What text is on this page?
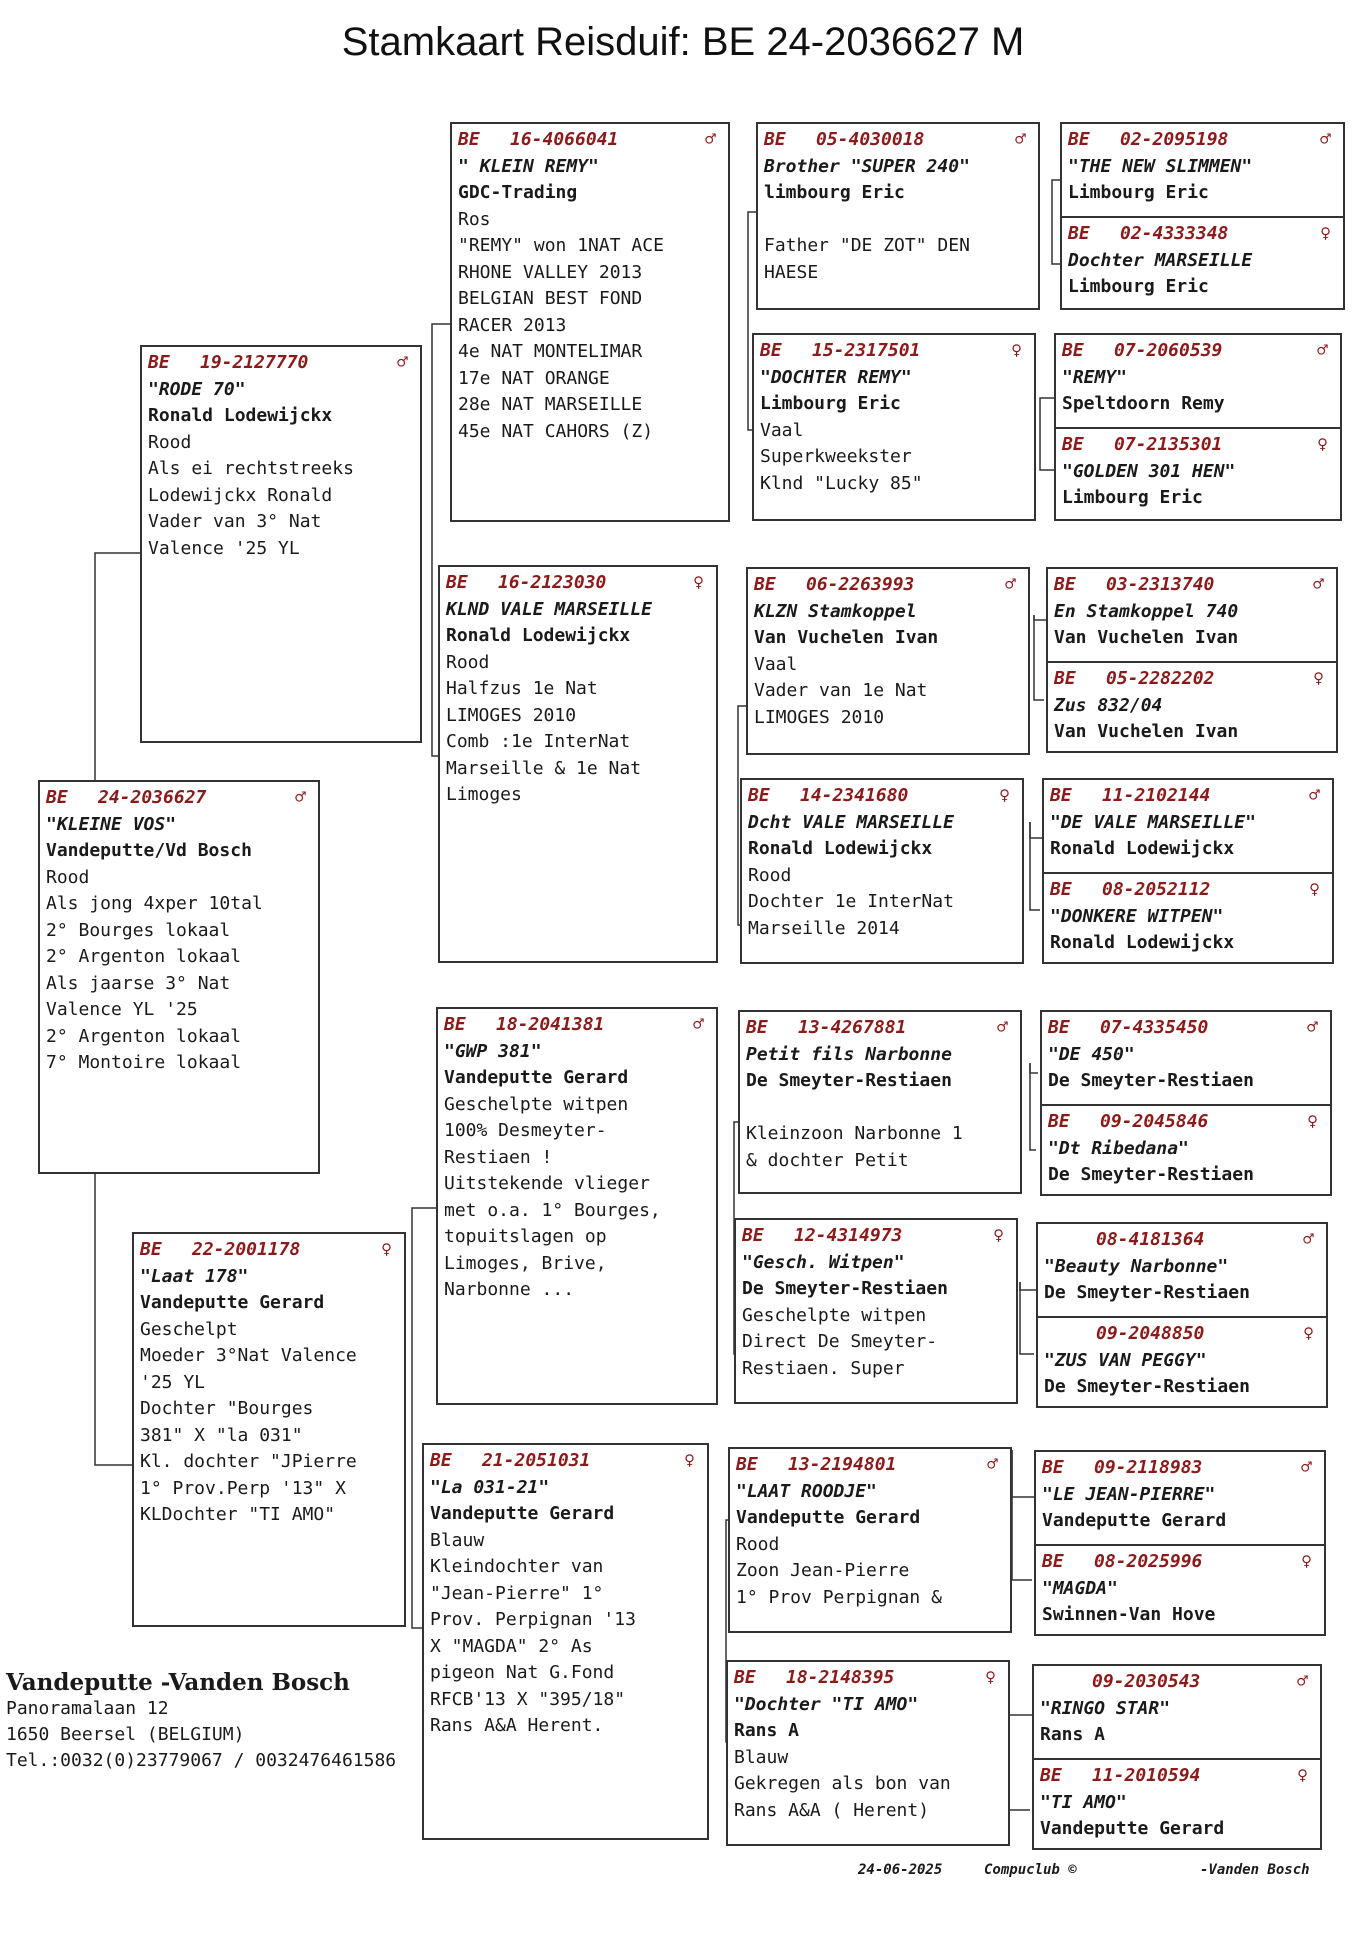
Stamkaart Reisduif: BE 24-2036627 M
BE 24-2036627	♂
"KLEINE VOS"
Vandeputte/Vd Bosch
Rood
Als jong 4xper 10tal
2° Bourges lokaal
2° Argenton lokaal
Als jaarse 3° Nat
Valence YL '25
2° Argenton lokaal
7° Montoire lokaal
BE 19-2127770	♂
"RODE 70"
Ronald Lodewijckx
Rood
Als ei rechtstreeks
Lodewijckx Ronald
Vader van 3° Nat
Valence '25 YL
BE 22-2001178	♀
"Laat 178"
Vandeputte Gerard
Geschelpt
Moeder 3°Nat Valence
'25 YL
Dochter "Bourges
381" X "la 031"
Kl. dochter "JPierre
1° Prov.Perp '13" X
KLDochter "TI AMO"
BE 16-4066041	♂
" KLEIN REMY"
GDC-Trading
Ros
"REMY" won 1NAT ACE
RHONE VALLEY 2013
BELGIAN BEST FOND
RACER 2013
4e NAT MONTELIMAR
17e NAT ORANGE
28e NAT MARSEILLE
45e NAT CAHORS (Z)
BE 16-2123030	♀
KLND VALE MARSEILLE
Ronald Lodewijckx
Rood
Halfzus 1e Nat
LIMOGES 2010
Comb :1e InterNat
Marseille & 1e Nat
Limoges
BE 18-2041381	♂
"GWP 381"
Vandeputte Gerard
Geschelpte witpen
100% Desmeyter-
Restiaen !
Uitstekende vlieger
met o.a. 1° Bourges,
topuitslagen op
Limoges, Brive,
Narbonne ...
BE 21-2051031	♀
"La 031-21"
Vandeputte Gerard
Blauw
Kleindochter van
"Jean-Pierre" 1°
Prov. Perpignan '13
X "MAGDA" 2° As
pigeon Nat G.Fond
RFCB'13 X "395/18"
Rans A&A Herent.
BE 05-4030018	♂
Brother "SUPER 240"
limbourg Eric

Father "DE ZOT" DEN
HAESE
BE 15-2317501	♀
"DOCHTER REMY"
Limbourg Eric
Vaal
Superkweekster
Klnd "Lucky 85"
BE 06-2263993	♂
KLZN Stamkoppel
Van Vuchelen Ivan
Vaal
Vader van 1e Nat
LIMOGES 2010
BE 14-2341680	♀
Dcht VALE MARSEILLE
Ronald Lodewijckx
Rood
Dochter 1e InterNat
Marseille 2014
BE 13-4267881	♂
Petit fils Narbonne
De Smeyter-Restiaen

Kleinzoon Narbonne 1
& dochter Petit
BE 12-4314973	♀
"Gesch. Witpen"
De Smeyter-Restiaen
Geschelpte witpen
Direct De Smeyter-
Restiaen. Super
BE 13-2194801	♂
"LAAT ROODJE"
Vandeputte Gerard
Rood
Zoon Jean-Pierre
1° Prov Perpignan &
BE 18-2148395	♀
"Dochter "TI AMO"
Rans A
Blauw
Gekregen als bon van
Rans A&A ( Herent)
BE 02-2095198	♂
"THE NEW SLIMMEN"
Limbourg Eric
BE 02-4333348	♀
Dochter MARSEILLE
Limbourg Eric
BE 07-2060539	♂
"REMY"
Speltdoorn Remy
BE 07-2135301	♀
"GOLDEN 301 HEN"
Limbourg Eric
BE 03-2313740	♂
En Stamkoppel 740
Van Vuchelen Ivan
BE 05-2282202	♀
Zus 832/04
Van Vuchelen Ivan
BE 11-2102144	♂
"DE VALE MARSEILLE"
Ronald Lodewijckx
BE 08-2052112	♀
"DONKERE WITPEN"
Ronald Lodewijckx
BE 07-4335450	♂
"DE 450"
De Smeyter-Restiaen
BE 09-2045846	♀
"Dt Ribedana"
De Smeyter-Restiaen
08-4181364	♂
"Beauty Narbonne"
De Smeyter-Restiaen
09-2048850	♀
"ZUS VAN PEGGY"
De Smeyter-Restiaen
BE 09-2118983	♂
"LE JEAN-PIERRE"
Vandeputte Gerard
BE 08-2025996	♀
"MAGDA"
Swinnen-Van Hove
09-2030543	♂
"RINGO STAR"
Rans A
BE 11-2010594	♀
"TI AMO"
Vandeputte Gerard
Vandeputte -Vanden Bosch
Panoramalaan 12
1650 Beersel (BELGIUM)
Tel.:0032(0)23779067 / 0032476461586
24-06-2025	Compuclub ©	-Vanden Bosch
